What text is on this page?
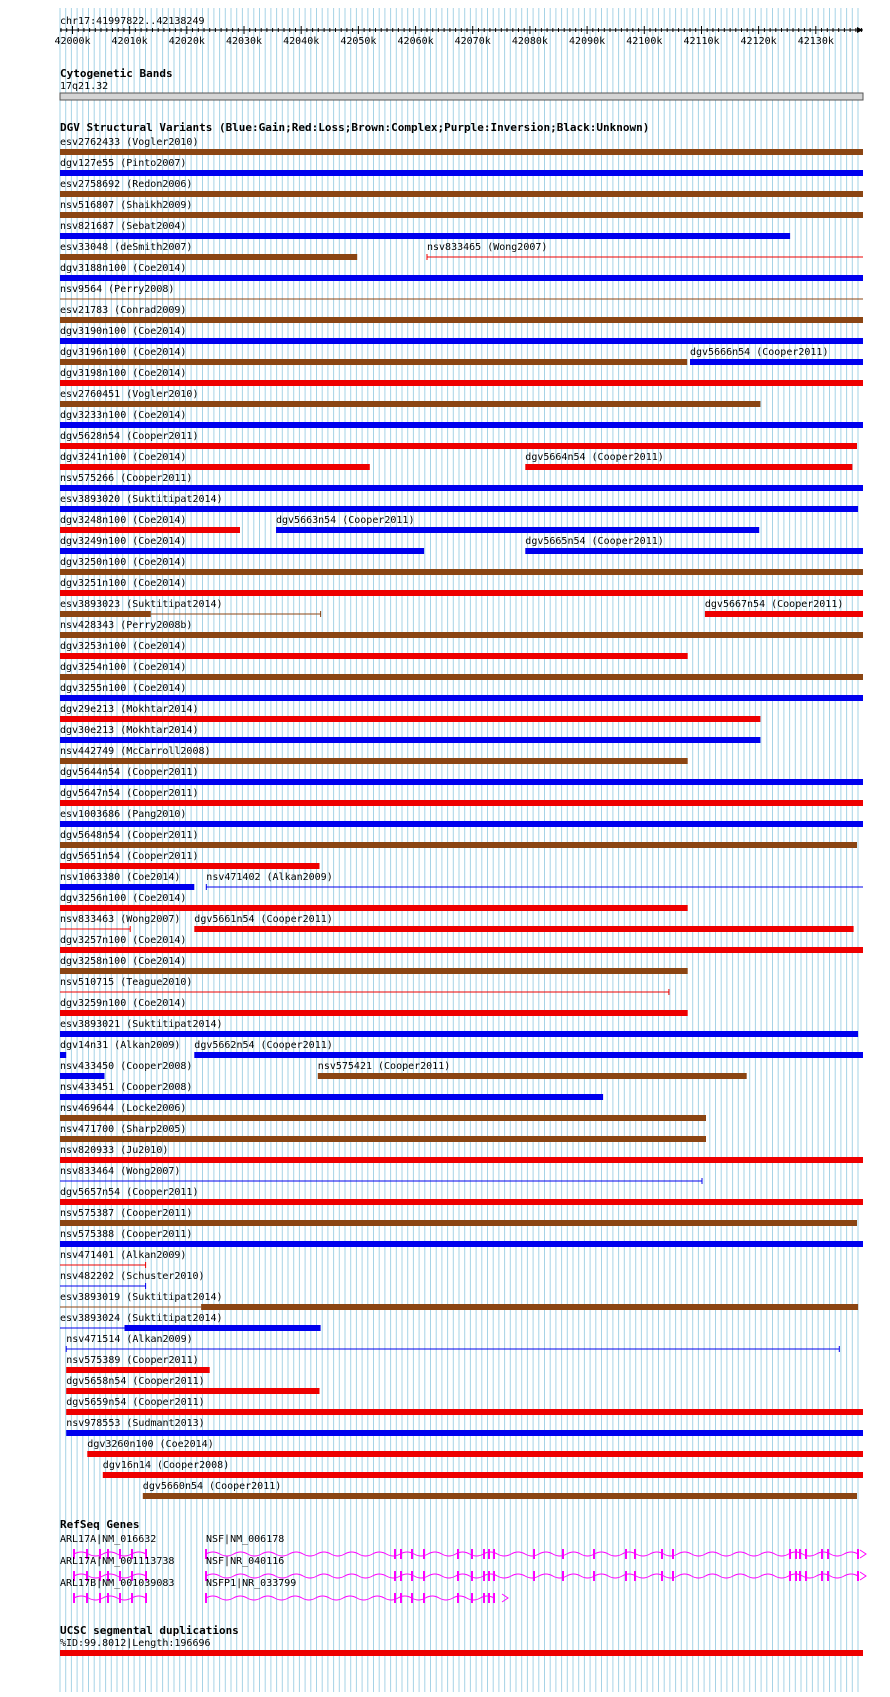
chr17:41997822..42138249
42000k 42010k 42020k 42030k 42040k 42050k 42060k 42070k 42080k 42090k 42100k 42110k 42120k 42130k
Cytogenetic Bands
17q21.32
DGV Structural Variants (Blue:Gain;Red:Loss;Brown:Complex;Purple:Inversion;Black:Unknown)
esv2762433 (Vogler2010)
dgv127e55 (Pinto2007)
esv2758692 (Redon2006)
nsv516807 (Shaikh2009)
nsv821687 (Sebat2004)
esv33048 (deSmith2007)	nsv833465 (Wong2007)
dgv3188n100 (Coe2014)
nsv9564 (Perry2008)
esv21783 (Conrad2009)
dgv3190n100 (Coe2014)
dgv3196n100 (Coe2014)	dgv5666n54 (Cooper2011)
dgv3198n100 (Coe2014)
esv2760451 (Vogler2010)
dgv3233n100 (Coe2014)
dgv5628n54 (Cooper2011)
dgv3241n100 (Coe2014)	dgv5664n54 (Cooper2011)
nsv575266 (Cooper2011)
esv3893020 (Suktitipat2014)
dgv3248n100 (Coe2014)	dgv5663n54 (Cooper2011)
dgv3249n100 (Coe2014)	dgv5665n54 (Cooper2011)
dgv3250n100 (Coe2014)
dgv3251n100 (Coe2014)
esv3893023 (Suktitipat2014)	dgv5667n54 (Cooper2011)
nsv428343 (Perry2008b)
dgv3253n100 (Coe2014)
dgv3254n100 (Coe2014)
dgv3255n100 (Coe2014)
dgv29e213 (Mokhtar2014)
dgv30e213 (Mokhtar2014)
nsv442749 (McCarroll2008)
dgv5644n54 (Cooper2011)
dgv5647n54 (Cooper2011)
esv1003686 (Pang2010)
dgv5648n54 (Cooper2011)
dgv5651n54 (Cooper2011)
nsv1063380 (Coe2014)	nsv471402 (Alkan2009)
dgv3256n100 (Coe2014)
nsv833463 (Wong2007) dgv5661n54 (Cooper2011)
dgv3257n100 (Coe2014)
dgv3258n100 (Coe2014)
nsv510715 (Teague2010)
dgv3259n100 (Coe2014)
esv3893021 (Suktitipat2014)
dgv14n31 (Alkan2009) dgv5662n54 (Cooper2011)
nsv433450 (Cooper2008)	nsv575421 (Cooper2011)
nsv433451 (Cooper2008)
nsv469644 (Locke2006)
nsv471700 (Sharp2005)
nsv820933 (Ju2010)
nsv833464 (Wong2007)
dgv5657n54 (Cooper2011)
nsv575387 (Cooper2011)
nsv575388 (Cooper2011)
nsv471401 (Alkan2009)
nsv482202 (Schuster2010)
esv3893019 (Suktitipat2014)
esv3893024 (Suktitipat2014)
nsv471514 (Alkan2009)
nsv575389 (Cooper2011)
dgv5658n54 (Cooper2011)
dgv5659n54 (Cooper2011)
nsv978553 (Sudmant2013)
dgv3260n100 (Coe2014)
dgv16n14 (Cooper2008)
dgv5660n54 (Cooper2011)
RefSeq Genes
ARL17A|NM_016632	NSF|NM_006178
ARL17A|NM_001113738	NSF|NR_040116
ARL17B|NM_001039083	NSFP1|NR_033799
UCSC segmental duplications
%ID:99.8012|Length:196696
